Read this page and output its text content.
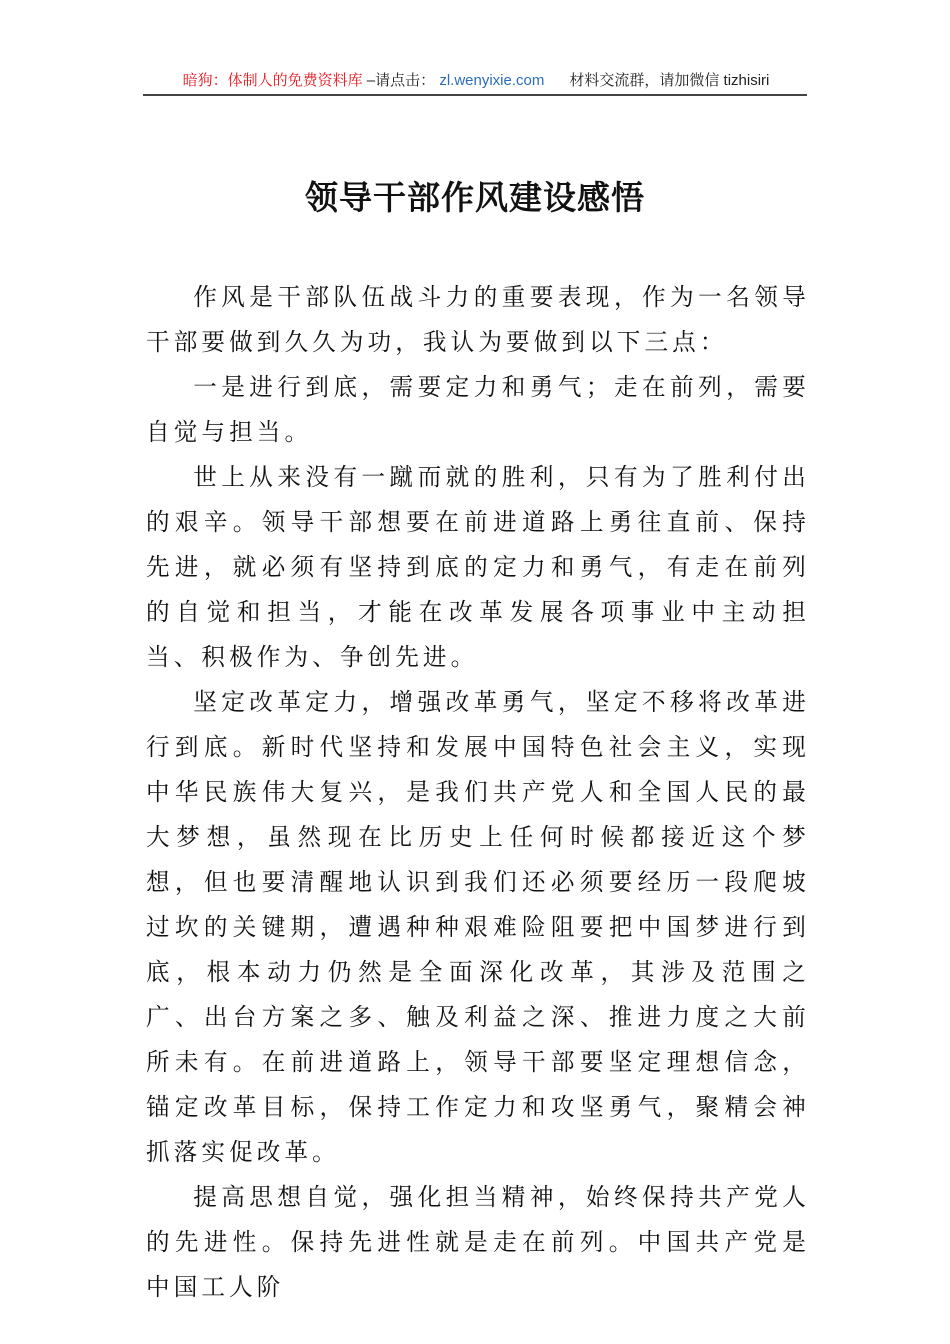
暗狗：体制人的免费资料库 –请点击： zl.wenyixie.com 材料交流群，请加微信 tizhisiri
领导干部作风建设感悟

作风是干部队伍战斗力的重要表现，作为一名领导干部要做到久久为功，我认为要做到以下三点：

一是进行到底，需要定力和勇气；走在前列，需要自觉与担当。

世上从来没有一蹴而就的胜利，只有为了胜利付出的艰辛。领导干部想要在前进道路上勇往直前、保持先进，就必须有坚持到底的定力和勇气，有走在前列的自觉和担当，才能在改革发展各项事业中主动担当、积极作为、争创先进。

坚定改革定力，增强改革勇气，坚定不移将改革进行到底。新时代坚持和发展中国特色社会主义，实现中华民族伟大复兴，是我们共产党人和全国人民的最大梦想，虽然现在比历史上任何时候都接近这个梦想，但也要清醒地认识到我们还必须要经历一段爬坡过坎的关键期，遭遇种种艰难险阻要把中国梦进行到底，根本动力仍然是全面深化改革，其涉及范围之广、出台方案之多、触及利益之深、推进力度之大前所未有。在前进道路上，领导干部要坚定理想信念，锚定改革目标，保持工作定力和攻坚勇气，聚精会神抓落实促改革。

提高思想自觉，强化担当精神，始终保持共产党人的先进性。保持先进性就是走在前列。中国共产党是中国工人阶
